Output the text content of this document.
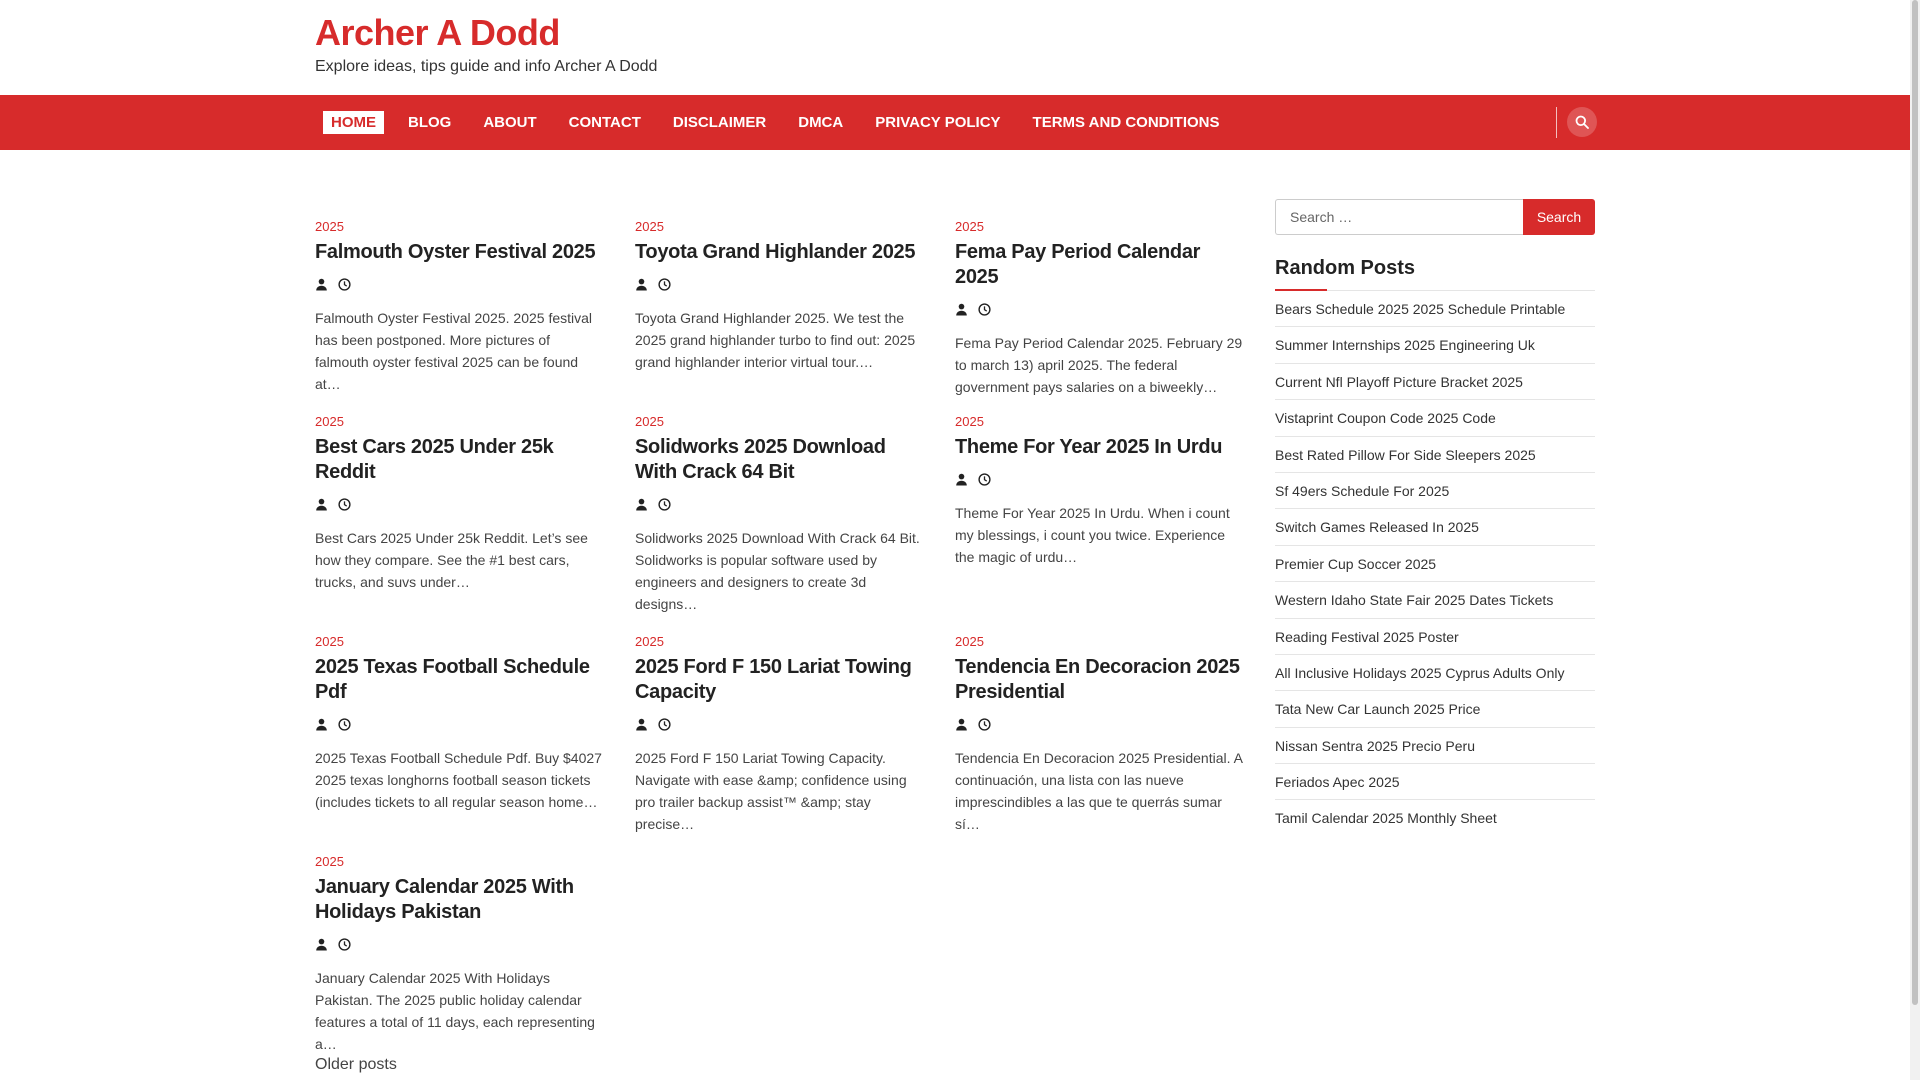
Archer A Dodd
Explore ideas, tips guide and info Archer A Dodd
HOME	BLOG ABOUT CONTACT DISCLAIMER DMCA PRIVACY POLICY TERMS AND CONDITIONS
2025
Falmouth Oyster Festival 2025

Falmouth Oyster Festival 2025. 2025 festival has been postponed. More pictures of falmouth oyster festival 2025 can be found at…

2025
Toyota Grand Highlander 2025

Toyota Grand Highlander 2025. We test the 2025 grand highlander turbo to find out: 2025 grand highlander interior virtual tour.…

2025
Fema Pay Period Calendar 2025

Fema Pay Period Calendar 2025. February 29 to march 13) april 2025. The federal government pays salaries on a biweekly…

2025
Best Cars 2025 Under 25k Reddit

Best Cars 2025 Under 25k Reddit. Let’s see how they compare. See the #1 best cars, trucks, and suvs under…

2025
Solidworks 2025 Download With Crack 64 Bit

Solidworks 2025 Download With Crack 64 Bit. Solidworks is popular software used by engineers and designers to create 3d designs…

2025
Theme For Year 2025 In Urdu

Theme For Year 2025 In Urdu. When i count my blessings, i count you twice. Experience the magic of urdu…

2025
2025 Texas Football Schedule Pdf

2025 Texas Football Schedule Pdf. Buy $4027 2025 texas longhorns football season tickets (includes tickets to all regular season home…

2025
2025 Ford F 150 Lariat Towing Capacity

2025 Ford F 150 Lariat Towing Capacity. Navigate with ease &amp; confidence using pro trailer backup assist™ &amp; stay precise…

2025
Tendencia En Decoracion 2025 Presidential

Tendencia En Decoracion 2025 Presidential. A continuación, una lista con las nueve imprescindibles a las que te querrás sumar sí…

2025
January Calendar 2025 With Holidays Pakistan

January Calendar 2025 With Holidays Pakistan. The 2025 public holiday calendar features a total of 11 days, each representing a…

Older posts
Search …
Search
Random Posts
Bears Schedule 2025 2025 Schedule Printable
Summer Internships 2025 Engineering Uk
Current Nfl Playoff Picture Bracket 2025
Vistaprint Coupon Code 2025 Code
Best Rated Pillow For Side Sleepers 2025
Sf 49ers Schedule For 2025
Switch Games Released In 2025
Premier Cup Soccer 2025
Western Idaho State Fair 2025 Dates Tickets
Reading Festival 2025 Poster
All Inclusive Holidays 2025 Cyprus Adults Only
Tata New Car Launch 2025 Price
Nissan Sentra 2025 Precio Peru
Feriados Apec 2025
Tamil Calendar 2025 Monthly Sheet
